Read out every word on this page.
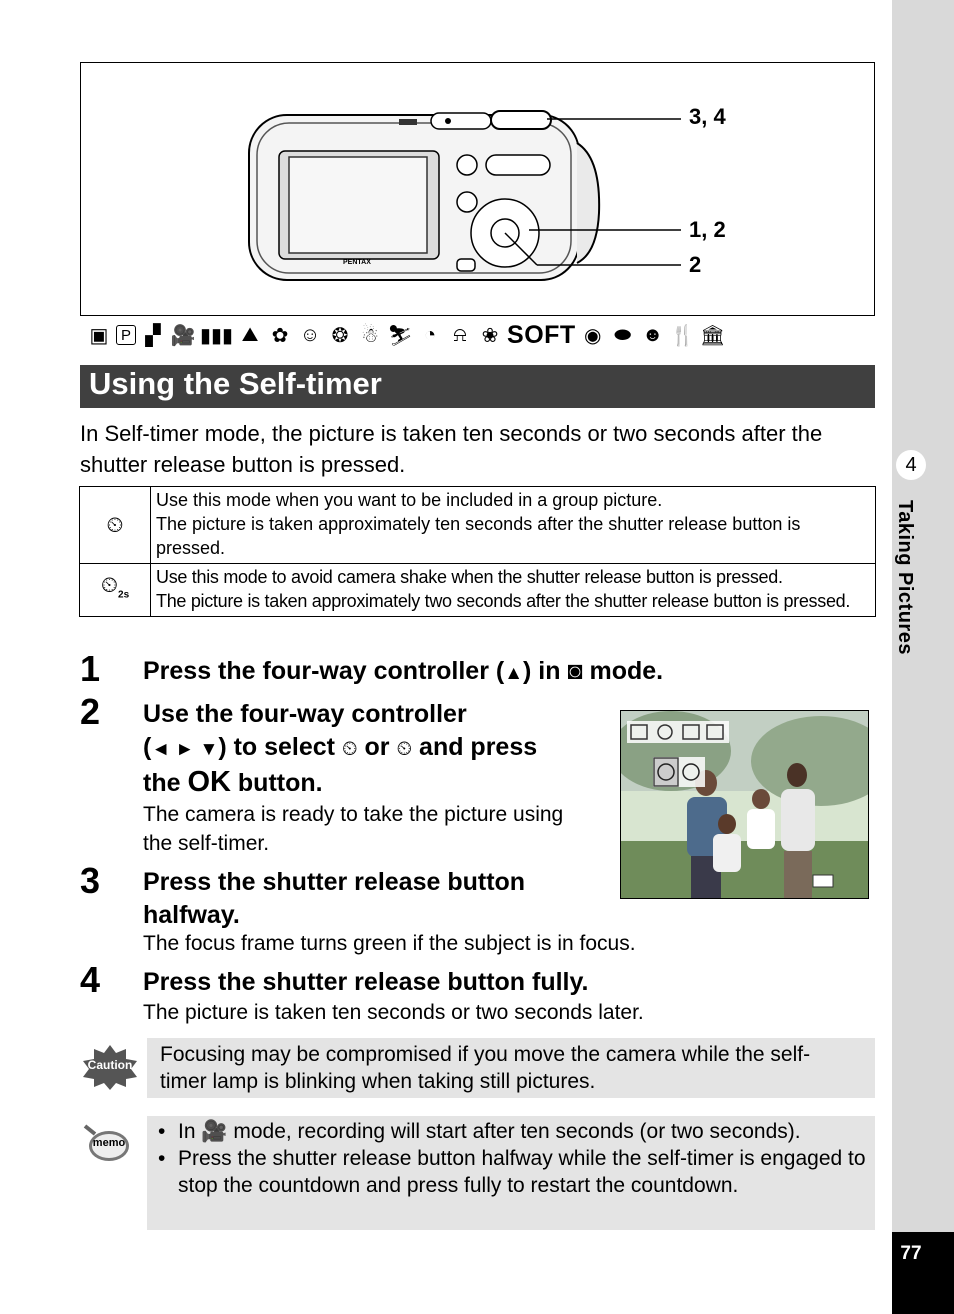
4
Taking Pictures
77
PENTAX
3, 4
1, 2
2
▣ P ▞ 🎥 ▮▮▮ ⛰ ✿ ☺ ❂ ☃ ⛷ ◔ ⍾ ❀ SOFT ◉ ⬬ ☻ 🍴 🏛
Using the Self-timer
In Self-timer mode, the picture is taken ten seconds or two seconds after the shutter release button is pressed.
⏲	Use this mode when you want to be included in a group picture.
The picture is taken approximately ten seconds after the shutter release button is pressed.

$⏲_{2s}$	Use this mode to avoid camera shake when the shutter release button is pressed.
The picture is taken approximately two seconds after the shutter release button is pressed.
1 Press the four-way controller (▲) in ◙ mode.
2 Use the four-way controller
(◄ ► ▼) to select ⏲ or ⏲ and press
the OK button.
The camera is ready to take the picture using the self-timer.
3 Press the shutter release button halfway.
The focus frame turns green if the subject is in focus.
4 Press the shutter release button fully.
The picture is taken ten seconds or two seconds later.
Caution	Focusing may be compromised if you move the camera while the self-timer lamp is blinking when taking still pictures.
memo • In 🎥 mode, recording will start after ten seconds (or two seconds).
• Press the shutter release button halfway while the self-timer is engaged to stop the countdown and press fully to restart the countdown.
